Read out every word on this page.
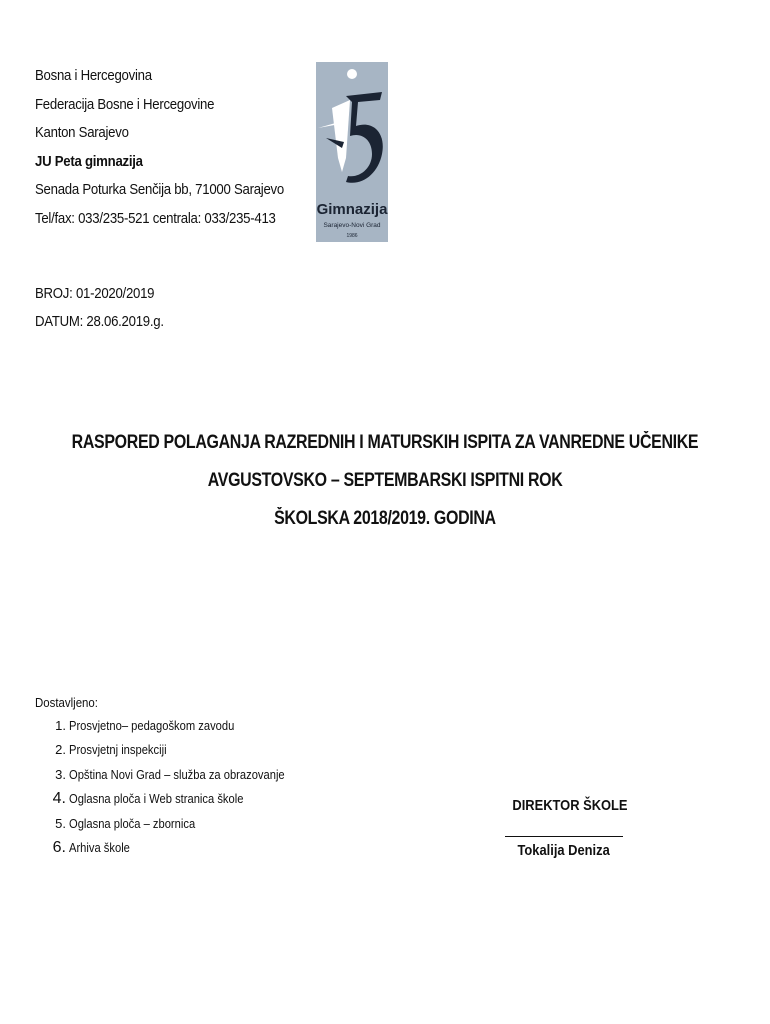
Bosna i Hercegovina
Federacija Bosne i Hercegovine
Kanton Sarajevo
JU Peta gimnazija
Senada Poturka Senčija bb, 71000 Sarajevo
Tel/fax: 033/235-521 centrala: 033/235-413	Gimnazija
Sarajevo-Novi Grad
1986
BROJ: 01-2020/2019
DATUM: 28.06.2019.g.
RASPORED POLAGANJA RAZREDNIH I MATURSKIH ISPITA ZA VANREDNE UČENIKE
AVGUSTOVSKO – SEPTEMBARSKI ISPITNI ROK
ŠKOLSKA 2018/2019. GODINA
Dostavljeno:
1. Prosvjetno– pedagoškom zavodu
2. Prosvjetnj inspekciji
3. Opština Novi Grad – služba za obrazovanje
4. Oglasna ploča i Web stranica škole
5. Oglasna ploča – zbornica
6. Arhiva škole
DIREKTOR ŠKOLE
Tokalija Deniza
